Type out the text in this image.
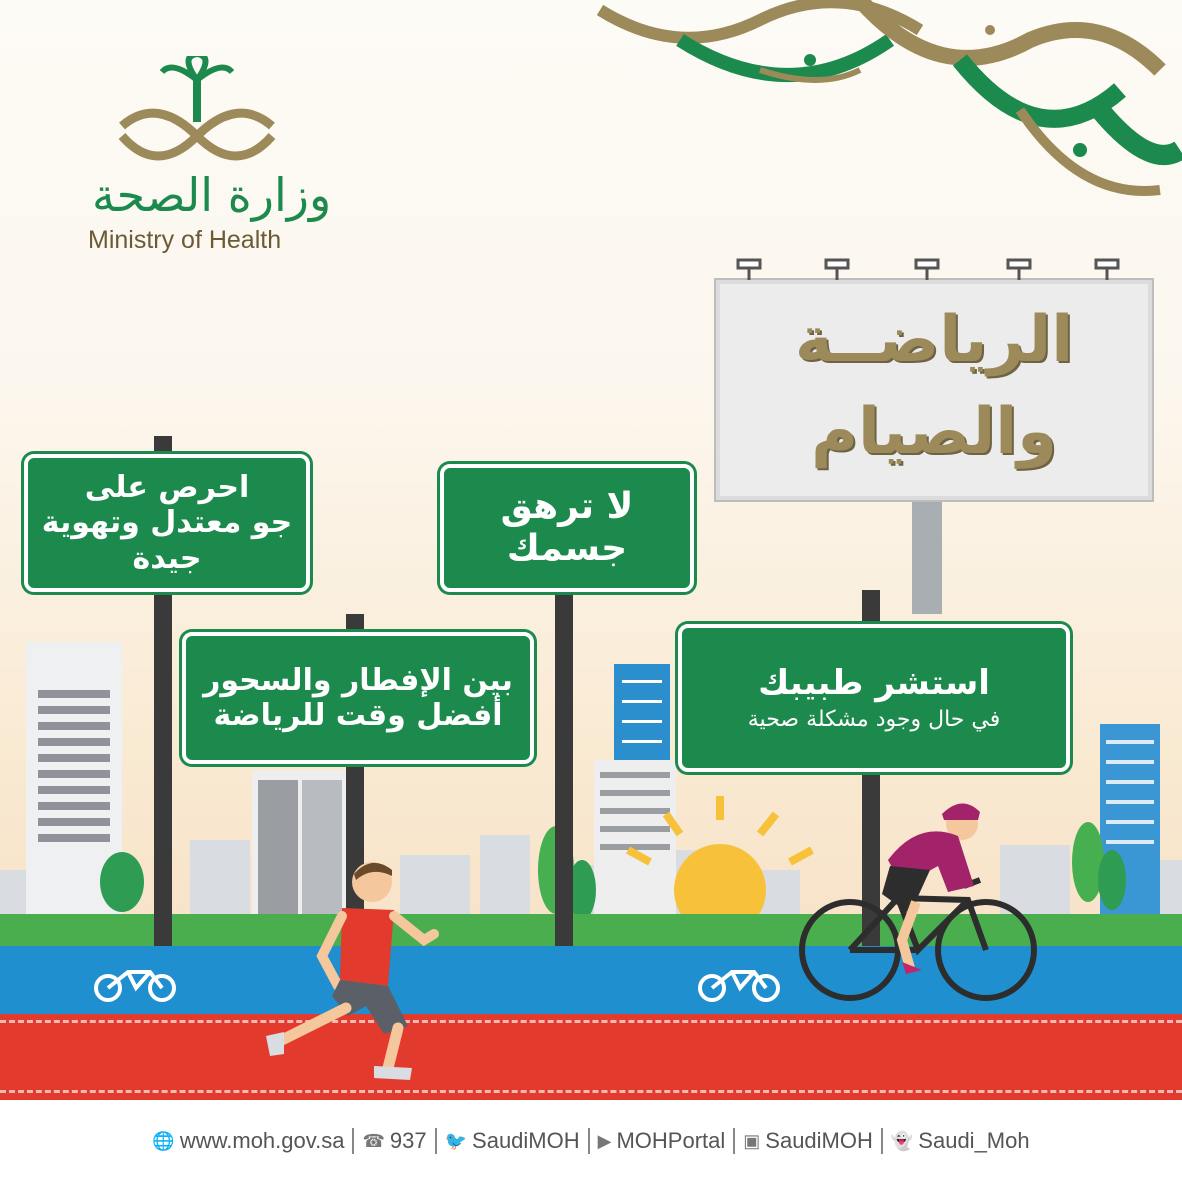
وزارة الصحة
Ministry of Health
الرياضــة
والصيام
احرص على
جو معتدل وتهوية
جيدة
لا ترهق
جسمك
بين الإفطار والسحور
أفضل وقت للرياضة
استشر طبيبك
في حال وجود مشكلة صحية
🌐 www.moh.gov.sa ☎ 937 🐦 SaudiMOH ▶ MOHPortal ▣ SaudiMOH 👻 Saudi_Moh
